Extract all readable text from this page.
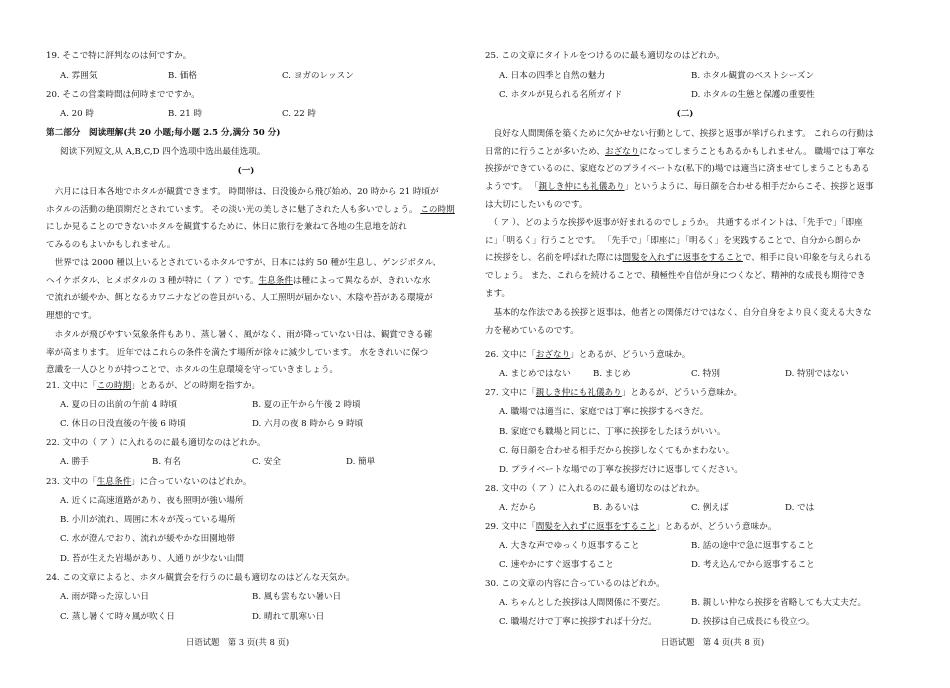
19. そこで特に評判なのは何ですか。
A. 雰囲気	B. 価格	C. ヨガのレッスン
20. そこの営業時間は何時までですか。
A. 20 時	B. 21 時	C. 22 時
第二部分　阅读理解(共 20 小题;每小题 2.5 分,满分 50 分)
阅读下列短文,从 A,B,C,D 四个选项中选出最佳选项。
(一)
　六月には日本各地でホタルが観賞できます。 時間帯は、日没後から飛び始め、20 時から 21 時頃が
ホタルの活動の絶頂期だとされています。 その淡い光の美しさに魅了された人も多いでしょう。 この時期
にしか見ることのできないホタルを観賞するために、休日に旅行を兼ねて各地の生息地を訪れ
てみるのもよいかもしれません。
　世界では 2000 種以上いるとされているホタルですが、日本には約 50 種が生息し、ゲンジボタル、
ヘイケボタル、ヒメボタルの 3 種が特に（ ア ）です。生息条件は種によって異なるが、きれいな水
で流れが緩やか、餌となるカワニナなどの巻貝がいる、人工照明が届かない、木陰や苔がある環境が
理想的です。
　ホタルが飛びやすい気象条件もあり、蒸し暑く、風がなく、雨が降っていない日は、観賞できる確
率が高まります。 近年ではこれらの条件を満たす場所が徐々に減少しています。 水をきれいに保つ
意識を一人ひとりが持つことで、ホタルの生息環境を守っていきましょう。
21. 文中に「この時期」とあるが、どの時期を指すか。
A. 夏の日の出前の午前 4 時頃	B. 夏の正午から午後 2 時頃
C. 休日の日没直後の午後 6 時頃	D. 六月の夜 8 時から 9 時頃
22. 文中の（ ア ）に入れるのに最も適切なのはどれか。
A. 勝手	B. 有名	C. 安全	D. 簡単
23. 文中の「生息条件」に合っていないのはどれか。
A. 近くに高速道路があり、夜も照明が強い場所
B. 小川が流れ、周囲に木々が茂っている場所
C. 水が澄んでおり、流れが緩やかな田園地帯
D. 苔が生えた岩場があり、人通りが少ない山間
24. この文章によると、ホタル観賞会を行うのに最も適切なのはどんな天気か。
A. 雨が降った涼しい日	B. 風も雲もない暑い日
C. 蒸し暑くて時々風が吹く日	D. 晴れて肌寒い日
日语试题　第 3 页(共 8 页)
25. この文章にタイトルをつけるのに最も適切なのはどれか。
A. 日本の四季と自然の魅力	B. ホタル観賞のベストシーズン
C. ホタルが見られる名所ガイド	D. ホタルの生態と保護の重要性
(二)
　良好な人間関係を築くために欠かせない行動として、挨拶と返事が挙げられます。 これらの行動は
日常的に行うことが多いため、おざなりになってしまうこともあるかもしれません。 職場では丁寧な
挨拶ができているのに、家庭などのプライベートな(私下的)場では適当に済ませてしまうこともある
ようです。 「親しき仲にも礼儀あり」というように、毎日顔を合わせる相手だからこそ、挨拶と返事
は大切にしたいものです。
　（ ア ）、どのような挨拶や返事が好まれるのでしょうか。 共通するポイントは、「先手で」「即座
に」「明るく」行うことです。 「先手で」「即座に」「明るく」を実践することで、自分から朗らか
に挨拶をし、名前を呼ばれた際には間髪を入れずに返事をすることで、相手に良い印象を与えられる
でしょう。 また、これらを続けることで、積極性や自信が身につくなど、精神的な成長も期待でき
ます。
　基本的な作法である挨拶と返事は、他者との関係だけではなく、自分自身をより良く変える大きな
力を秘めているのです。
26. 文中に「おざなり」とあるが、どういう意味か。
A. まじめではない	B. まじめ	C. 特別	D. 特別ではない
27. 文中に「親しき仲にも礼儀あり」とあるが、どういう意味か。
A. 職場では適当に、家庭では丁寧に挨拶するべきだ。
B. 家庭でも職場と同じに、丁寧に挨拶をしたほうがいい。
C. 毎日顔を合わせる相手だから挨拶しなくてもかまわない。
D. プライベートな場での丁寧な挨拶だけに返事してください。
28. 文中の（ ア ）に入れるのに最も適切なのはどれか。
A. だから	B. あるいは	C. 例えば	D. では
29. 文中に「間髪を入れずに返事をすること」とあるが、どういう意味か。
A. 大きな声でゆっくり返事すること	B. 話の途中で急に返事すること
C. 速やかにすぐ返事すること	D. 考え込んでから返事すること
30. この文章の内容に合っているのはどれか。
A. ちゃんとした挨拶は人間関係に不要だ。	B. 親しい仲なら挨拶を省略しても大丈夫だ。
C. 職場だけで丁寧に挨拶すれば十分だ。	D. 挨拶は自己成長にも役立つ。
日语试题　第 4 页(共 8 页)
